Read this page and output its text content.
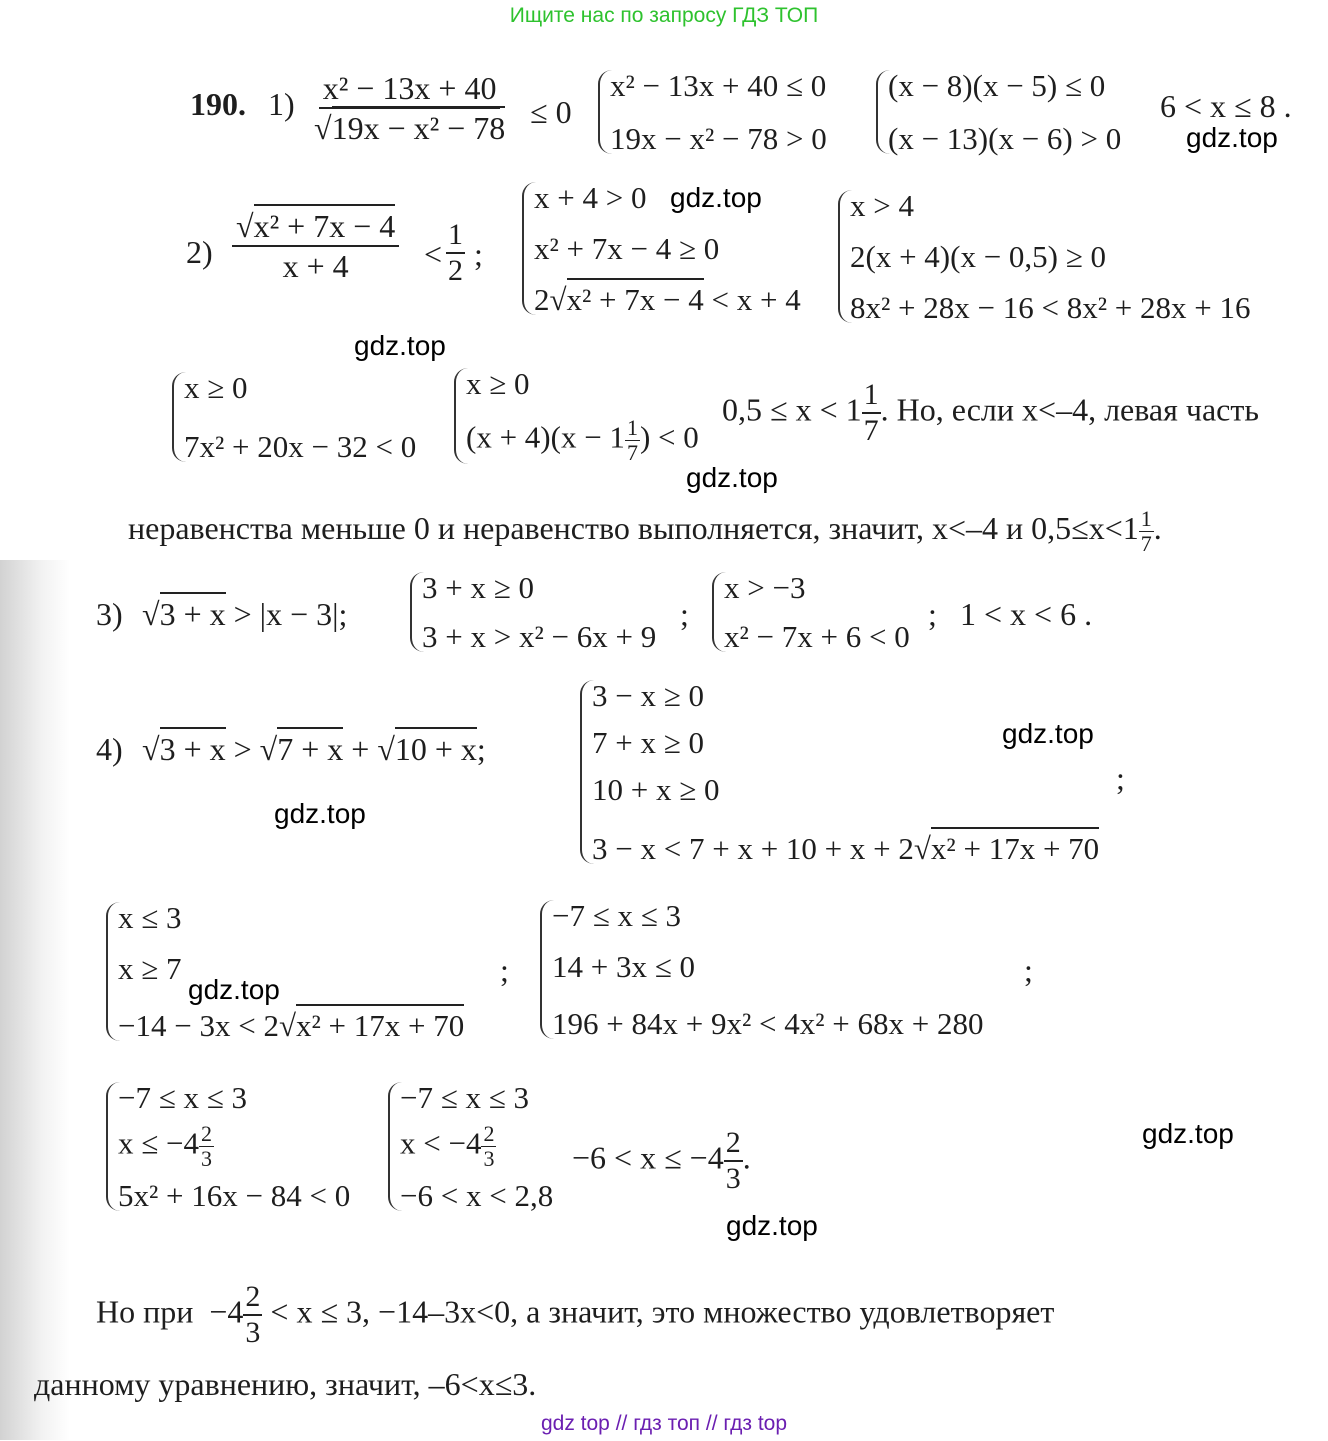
Ищите нас по запросу ГДЗ ТОП
190. 1) x² − 13x + 40
√ 19x − x² − 78 ≤ 0
x² − 13x + 40 ≤ 0
19x − x² − 78 > 0
(x − 8)(x − 5) ≤ 0
(x − 13)(x − 6) > 0
6 < x ≤ 8 .
2) √ $\frac{\text{x² + 7x − 4}}{x + 4} < \frac{1}{2}$ ;
x + 4 > 0
x² + 7x − 4 ≥ 0
2 √ x² + 7x − 4 < x + 4
x > 4
2(x + 4)(x − 0,5) ≥ 0
8x² + 28x − 16 < 8x² + 28x + 16
x ≥ 0
7x² + 20x − 32 < 0
x ≥ 0
$(x + 4)(x - 1 \frac{1}{7}$ ) < 0
$0,5 \le x < 1 \frac{1}{7}$ . Но, если x<–4, левая часть
неравенства меньше 0 и неравенство выполняется, значит, x<–4 и $0,5\le x<1 \frac{1}{7}$ .
3) √	3 + x > |x − 3|;
3 + x ≥ 0
3 + x > x² − 6x + 9
;
x > −3
x² − 7x + 6 < 0
; 1 < x < 6 .
4) √	3 + x > √ 7 + x + √ 10 + x;
3 − x ≥ 0
7 + x ≥ 0
10 + x ≥ 0
3 − x < 7 + x + 10 + x + 2 √ x² + 17x + 70
;
x ≤ 3
x ≥ 7
−14 − 3x < 2 √ x² + 17x + 70
;
−7 ≤ x ≤ 3
14 + 3x ≤ 0
196 + 84x + 9x² < 4x² + 68x + 280
;
−7 ≤ x ≤ 3
$x \le -4 \frac{2}{3}$
5x² + 16x − 84 < 0
−7 ≤ x ≤ 3
$x < -4 \frac{2}{3}$
−6 < x < 2,8
$-6 < x \le -4 \frac{2}{3}$ .
Но при $-4 \frac{2}{3} < x \le 3$, −14–3x<0, а значит, это множество удовлетворяет
данному уравнению, значит, –6<x≤3.
gdz.top
gdz.top
gdz.top
gdz.top
gdz.top
gdz.top
gdz.top
gdz.top
gdz.top
gdz top // гдз топ // гдз top
